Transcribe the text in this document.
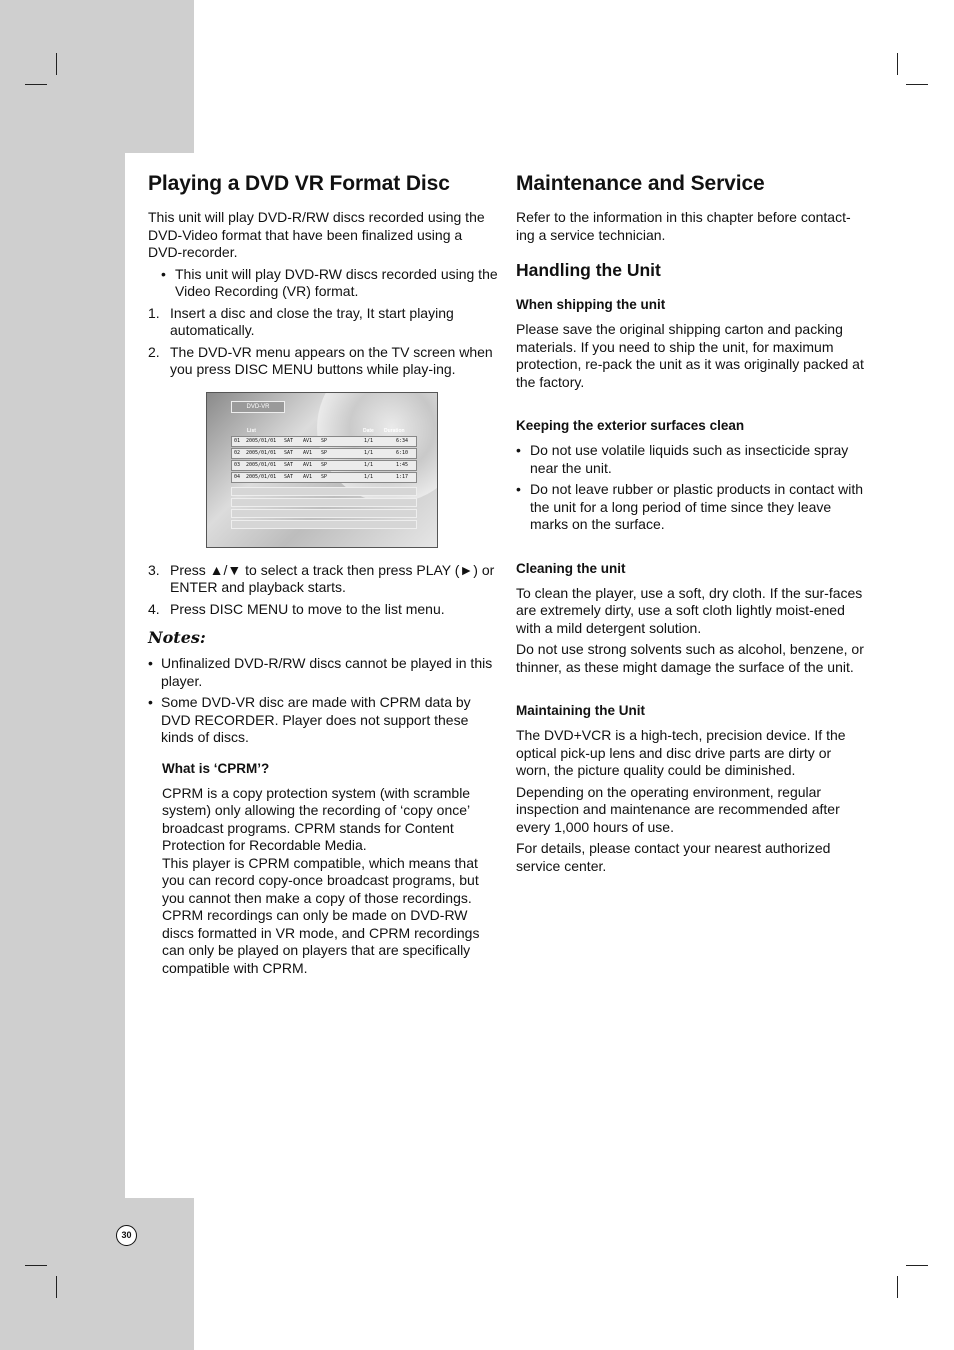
Playing a DVD VR Format Disc

This unit will play DVD-R/RW discs recorded using the DVD-Video format that have been finalized using a DVD-recorder.

• This unit will play DVD-RW discs recorded using the Video Recording (VR) format.
1. Insert a disc and close the tray, It start playing automatically.
2. The DVD-VR menu appears on the TV screen when you press DISC MENU buttons while play-ing.
DVD-VR
List	Date Duration
01	2005/01/01	SAT	AV1	SP	1/1	6:34
02	2005/01/01	SAT	AV1	SP	1/1	6:10
03	2005/01/01	SAT	AV1	SP	1/1	1:45
04	2005/01/01	SAT	AV1	SP	1/1	1:17
3. Press ▲/▼ to select a track then press PLAY (►) or ENTER and playback starts.
4. Press DISC MENU to move to the list menu.
Notes:
• Unfinalized DVD-R/RW discs cannot be played in this player.
• Some DVD-VR disc are made with CPRM data by DVD RECORDER. Player does not support these kinds of discs.
What is ‘CPRM’?

CPRM is a copy protection system (with scramble system) only allowing the recording of ‘copy once’ broadcast programs. CPRM stands for Content Protection for Recordable Media.

This player is CPRM compatible, which means that you can record copy-once broadcast programs, but you cannot then make a copy of those recordings. CPRM recordings can only be made on DVD-RW discs formatted in VR mode, and CPRM recordings can only be played on players that are specifically compatible with CPRM.

Maintenance and Service

Refer to the information in this chapter before contact-ing a service technician.

Handling the Unit
When shipping the unit

Please save the original shipping carton and packing materials. If you need to ship the unit, for maximum protection, re-pack the unit as it was originally packed at the factory.

Keeping the exterior surfaces clean
• Do not use volatile liquids such as insecticide spray near the unit.
• Do not leave rubber or plastic products in contact with the unit for a long period of time since they leave marks on the surface.
Cleaning the unit

To clean the player, use a soft, dry cloth. If the sur-faces are extremely dirty, use a soft cloth lightly moist-ened with a mild detergent solution.

Do not use strong solvents such as alcohol, benzene, or thinner, as these might damage the surface of the unit.

Maintaining the Unit

The DVD+VCR is a high-tech, precision device. If the optical pick-up lens and disc drive parts are dirty or worn, the picture quality could be diminished.

Depending on the operating environment, regular inspection and maintenance are recommended after every 1,000 hours of use.

For details, please contact your nearest authorized service center.

30
